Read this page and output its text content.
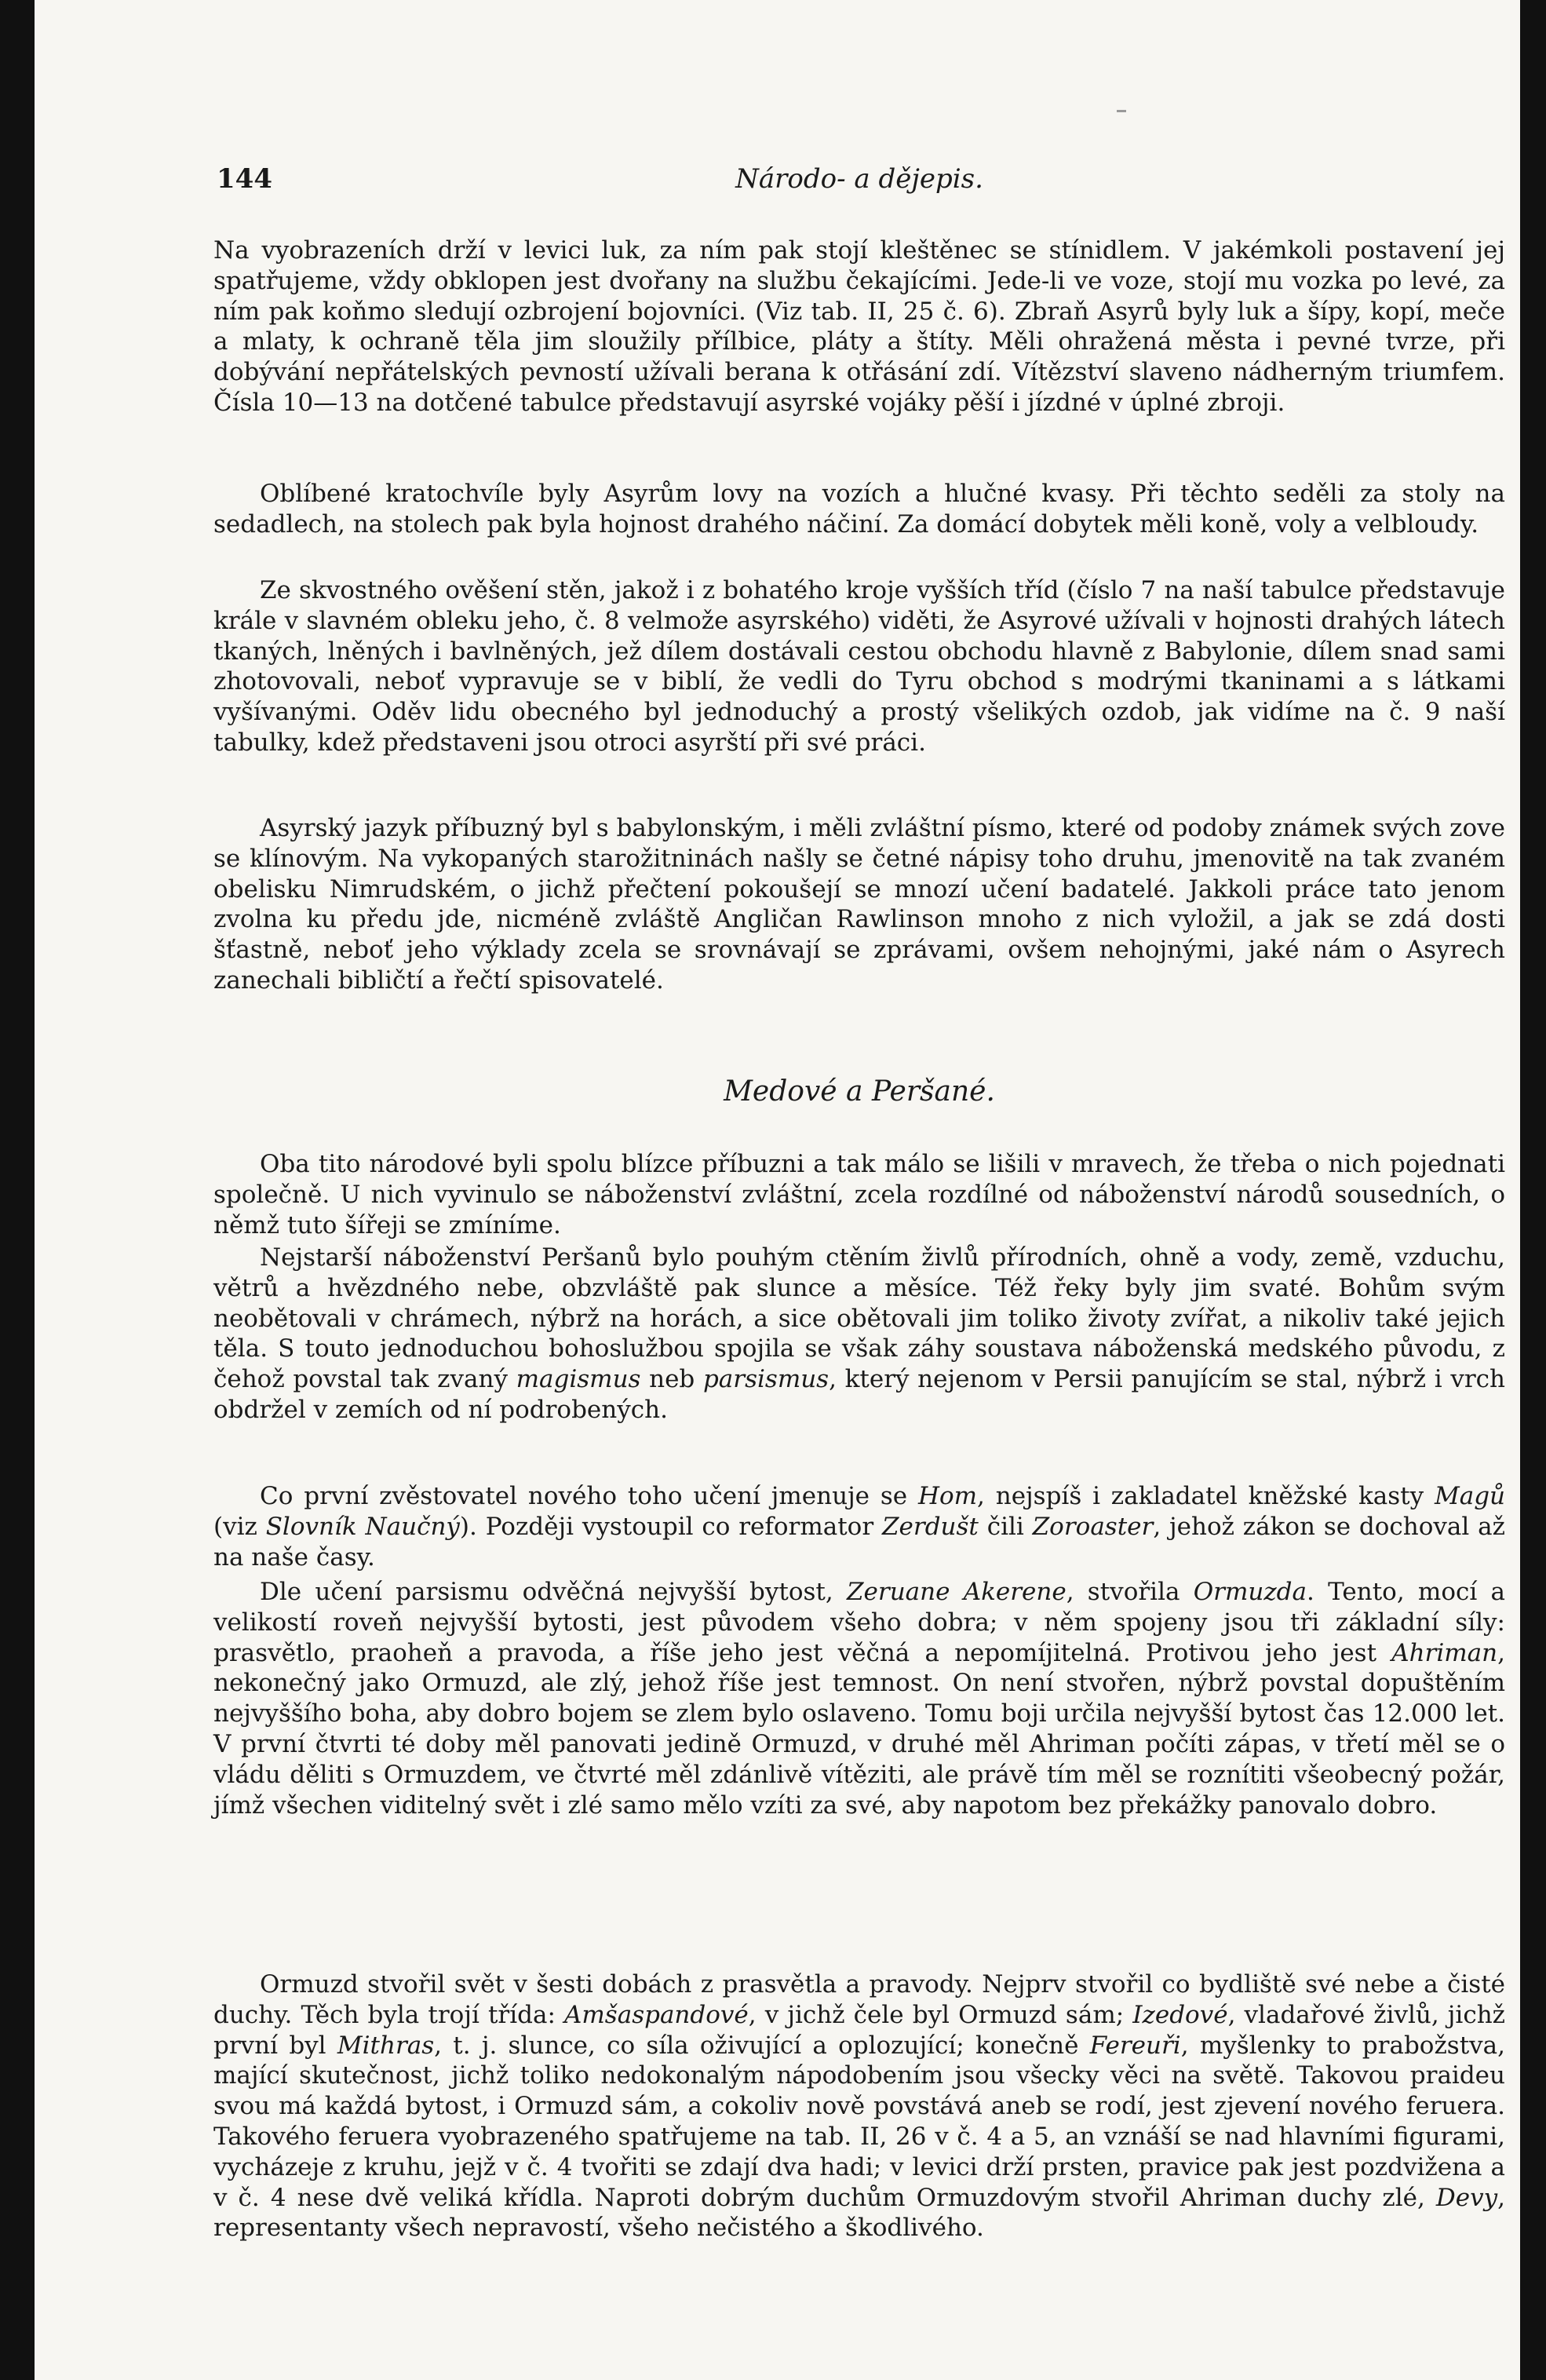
Národo- a dějepis.
144

Na vyobrazeních drží v levici luk, za ním pak stojí kleštěnec se stínidlem. V jakémkoli postavení jej spatřujeme, vždy obklopen jest dvořany na službu čekajícími. Jede-li ve voze, stojí mu vozka po levé, za ním pak koňmo sledují ozbrojení bojovníci. (Viz tab. II, 25 č. 6). Zbraň Asyrů byly luk a šípy, kopí, meče a mlaty, k ochraně těla jim sloužily přílbice, pláty a štíty. Měli ohražená města i pevné tvrze, při dobývání nepřátelských pevností užívali berana k otřásání zdí. Vítězství slaveno nádherným triumfem. Čísla 10—13 na dotčené tabulce představují asyrské vojáky pěší i jízdné v úplné zbroji.

Oblíbené kratochvíle byly Asyrům lovy na vozích a hlučné kvasy. Při těchto seděli za stoly na sedadlech, na stolech pak byla hojnost drahého náčiní. Za domácí dobytek měli koně, voly a velbloudy.

Ze skvostného ověšení stěn, jakož i z bohatého kroje vyšších tříd (číslo 7 na naší tabulce představuje krále v slavném obleku jeho, č. 8 velmože asyrského) viděti, že Asyrové užívali v hojnosti drahých látech tkaných, lněných i bavlněných, jež dílem dostávali cestou obchodu hlavně z Babylonie, dílem snad sami zhotovovali, neboť vypravuje se v biblí, že vedli do Tyru obchod s modrými tkaninami a s látkami vyšívanými. Oděv lidu obecného byl jednoduchý a prostý všelikých ozdob, jak vidíme na č. 9 naší tabulky, kdež představeni jsou otroci asyrští při své práci.

Asyrský jazyk příbuzný byl s babylonským, i měli zvláštní písmo, které od podoby známek svých zove se klínovým. Na vykopaných starožitninách našly se četné nápisy toho druhu, jmenovitě na tak zvaném obelisku Nimrudském, o jichž přečtení pokoušejí se mnozí učení badatelé. Jakkoli práce tato jenom zvolna ku předu jde, nicméně zvláště Angličan Rawlinson mnoho z nich vyložil, a jak se zdá dosti šťastně, neboť jeho výklady zcela se srovnávají se zprávami, ovšem nehojnými, jaké nám o Asyrech zanechali bibličtí a řečtí spisovatelé.

Medové a Peršané.

Oba tito národové byli spolu blízce příbuzni a tak málo se lišili v mravech, že třeba o nich pojednati společně. U nich vyvinulo se náboženství zvláštní, zcela rozdílné od náboženství národů sousedních, o němž tuto šířeji se zmíníme.

Nejstarší náboženství Peršanů bylo pouhým ctěním živlů přírodních, ohně a vody, země, vzduchu, větrů a hvězdného nebe, obzvláště pak slunce a měsíce. Též řeky byly jim svaté. Bohům svým neobětovali v chrámech, nýbrž na horách, a sice obětovali jim toliko životy zvířat, a nikoliv také jejich těla. S touto jednoduchou bohoslužbou spojila se však záhy soustava náboženská medského původu, z čehož povstal tak zvaný magismus neb parsismus, který nejenom v Persii panujícím se stal, nýbrž i vrch obdržel v zemích od ní podrobených.

Co první zvěstovatel nového toho učení jmenuje se Hom, nejspíš i zakladatel kněžské kasty Magů (viz Slovník Naučný). Později vystoupil co reformator Zerdušt čili Zoroaster, jehož zákon se dochoval až na naše časy.

Dle učení parsismu odvěčná nejvyšší bytost, Zeruane Akerene, stvořila Ormuzda. Tento, mocí a velikostí roveň nejvyšší bytosti, jest původem všeho dobra; v něm spojeny jsou tři základní síly: prasvětlo, praoheň a pravoda, a říše jeho jest věčná a nepomíjitelná. Protivou jeho jest Ahriman, nekonečný jako Ormuzd, ale zlý, jehož říše jest temnost. On není stvořen, nýbrž povstal dopuštěním nejvyššího boha, aby dobro bojem se zlem bylo oslaveno. Tomu boji určila nejvyšší bytost čas 12.000 let. V první čtvrti té doby měl panovati jedině Ormuzd, v druhé měl Ahriman počíti zápas, v třetí měl se o vládu děliti s Ormuzdem, ve čtvrté měl zdánlivě vítěziti, ale právě tím měl se roznítiti všeobecný požár, jímž všechen viditelný svět i zlé samo mělo vzíti za své, aby napotom bez překážky panovalo dobro.

Ormuzd stvořil svět v šesti dobách z prasvětla a pravody. Nejprv stvořil co bydliště své nebe a čisté duchy. Těch byla trojí třída: Amšaspandové, v jichž čele byl Ormuzd sám; Izedové, vladařové živlů, jichž první byl Mithras, t. j. slunce, co síla oživující a oplozující; konečně Fereuři, myšlenky to prabožstva, mající skutečnost, jichž toliko nedokonalým nápodobením jsou všecky věci na světě. Takovou praideu svou má každá bytost, i Ormuzd sám, a cokoliv nově povstává aneb se rodí, jest zjevení nového feruera. Takového feruera vyobrazeného spatřujeme na tab. II, 26 v č. 4 a 5, an vznáší se nad hlavními figurami, vycházeje z kruhu, jejž v č. 4 tvořiti se zdají dva hadi; v levici drží prsten, pravice pak jest pozdvižena a v č. 4 nese dvě veliká křídla. Naproti dobrým duchům Ormuzdovým stvořil Ahriman duchy zlé, Devy, representanty všech nepravostí, všeho nečistého a škodlivého.
